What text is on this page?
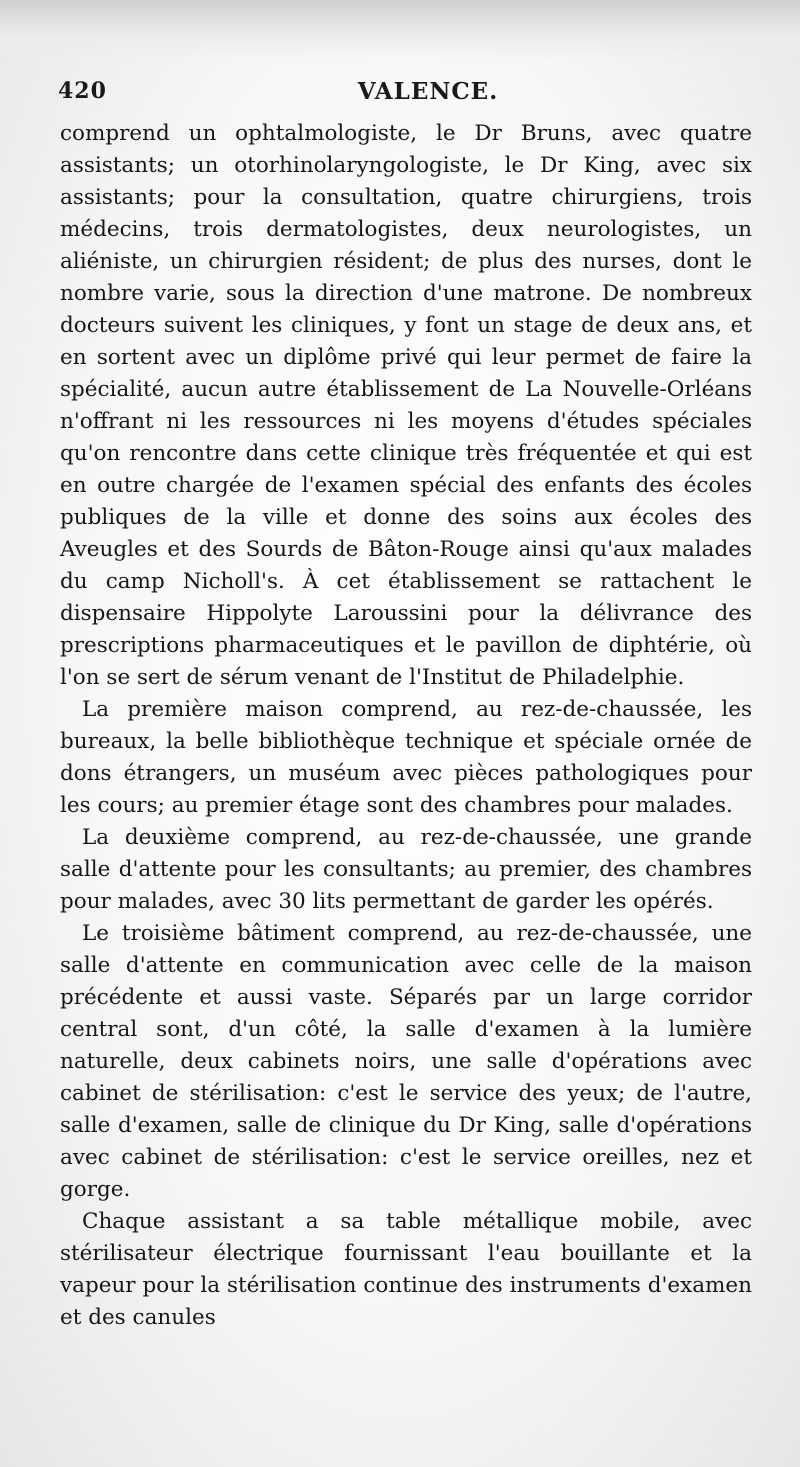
420	VALENCE.

comprend un ophtalmologiste, le Dr Bruns, avec quatre assistants; un otorhinolaryngologiste, le Dr King, avec six assistants; pour la consultation, quatre chirurgiens, trois médecins, trois dermatologistes, deux neurologistes, un aliéniste, un chirurgien résident; de plus des nurses, dont le nombre varie, sous la direction d'une matrone. De nombreux docteurs suivent les cliniques, y font un stage de deux ans, et en sortent avec un diplôme privé qui leur permet de faire la spécialité, aucun autre établissement de La Nouvelle-Orléans n'offrant ni les ressources ni les moyens d'études spéciales qu'on rencontre dans cette clinique très fréquentée et qui est en outre chargée de l'examen spécial des enfants des écoles publiques de la ville et donne des soins aux écoles des Aveugles et des Sourds de Bâton-Rouge ainsi qu'aux malades du camp Nicholl's. À cet établissement se rattachent le dispensaire Hippolyte Laroussini pour la délivrance des prescriptions pharmaceutiques et le pavillon de diphtérie, où l'on se sert de sérum venant de l'Institut de Philadelphie.

La première maison comprend, au rez-de-chaussée, les bureaux, la belle bibliothèque technique et spéciale ornée de dons étrangers, un muséum avec pièces pathologiques pour les cours; au premier étage sont des chambres pour malades.

La deuxième comprend, au rez-de-chaussée, une grande salle d'attente pour les consultants; au premier, des chambres pour malades, avec 30 lits permettant de garder les opérés.

Le troisième bâtiment comprend, au rez-de-chaussée, une salle d'attente en communication avec celle de la maison précédente et aussi vaste. Séparés par un large corridor central sont, d'un côté, la salle d'examen à la lumière naturelle, deux cabinets noirs, une salle d'opérations avec cabinet de stérilisation: c'est le service des yeux; de l'autre, salle d'examen, salle de clinique du Dr King, salle d'opérations avec cabinet de stérilisation: c'est le service oreilles, nez et gorge.

Chaque assistant a sa table métallique mobile, avec stérilisateur électrique fournissant l'eau bouillante et la vapeur pour la stérilisation continue des instruments d'examen et des canules
